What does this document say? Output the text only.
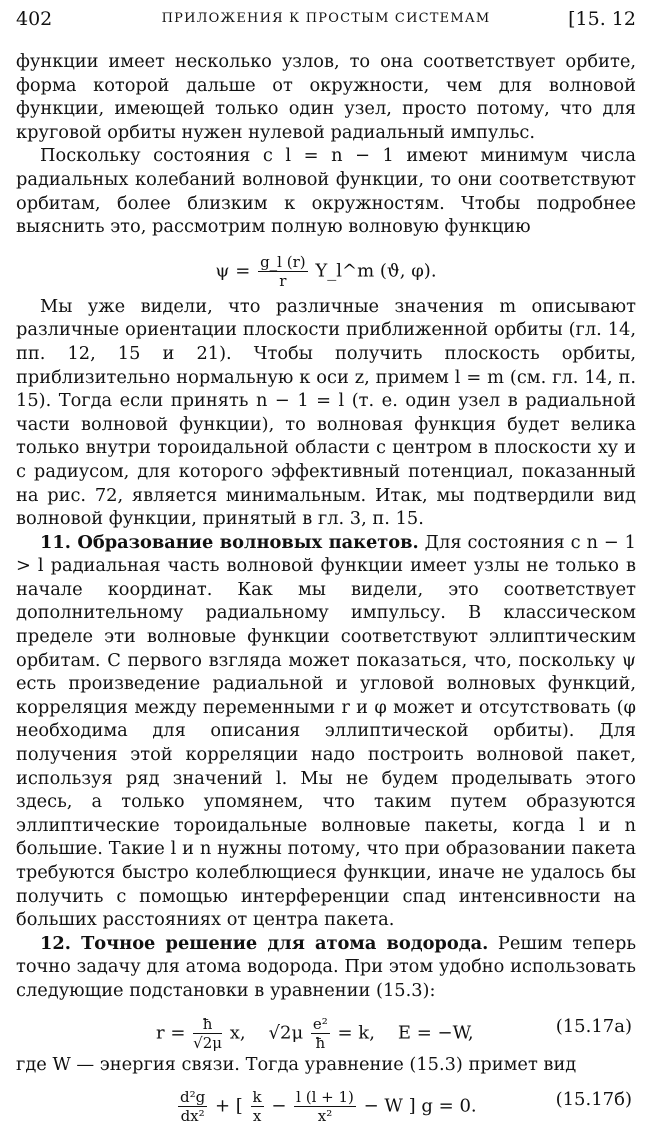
402	ПРИЛОЖЕНИЯ К ПРОСТЫМ СИСТЕМАМ	[15. 12

функции имеет несколько узлов, то она соответствует орбите, форма которой дальше от окружности, чем для волновой функции, имеющей только один узел, просто потому, что для круговой орбиты нужен нулевой радиальный импульс.

Поскольку состояния с l = n − 1 имеют минимум числа радиальных колебаний волновой функции, то они соответствуют орбитам, более близким к окружностям. Чтобы подробнее выяснить это, рассмотрим полную волновую функцию

$\psi = \frac{g\_l (r)}{r}$ Y_l^m (ϑ, φ).

Мы уже видели, что различные значения m описывают различные ориентации плоскости приближенной орбиты (гл. 14, пп. 12, 15 и 21). Чтобы получить плоскость орбиты, приблизительно нормальную к оси z, примем l = m (см. гл. 14, п. 15). Тогда если принять n − 1 = l (т. е. один узел в радиальной части волновой функции), то волновая функция будет велика только внутри тороидальной области с центром в плоскости xy и с радиусом, для которого эффективный потенциал, показанный на рис. 72, является минимальным. Итак, мы подтвердили вид волновой функции, принятый в гл. 3, п. 15.

11. Образование волновых пакетов. Для состояния с n − 1 > l радиальная часть волновой функции имеет узлы не только в начале координат. Как мы видели, это соответствует дополнительному радиальному импульсу. В классическом пределе эти волновые функции соответствуют эллиптическим орбитам. С первого взгляда может показаться, что, поскольку ψ есть произведение радиальной и угловой волновых функций, корреляция между переменными r и φ может и отсутствовать (φ необходима для описания эллиптической орбиты). Для получения этой корреляции надо построить волновой пакет, используя ряд значений l. Мы не будем проделывать этого здесь, а только упомянем, что таким путем образуются эллиптические тороидальные волновые пакеты, когда l и n большие. Такие l и n нужны потому, что при образовании пакета требуются быстро колеблющиеся функции, иначе не удалось бы получить с помощью интерференции спад интенсивности на больших расстояниях от центра пакета.

12. Точное решение для атома водорода. Решим теперь точно задачу для атома водорода. При этом удобно использовать следующие подстановки в уравнении (15.3):

$r = \frac{ħ}{√2\mu} x$, $√2\mu \frac{\text{e²}}{ħ} = k$, E = −W,	(15.17а)

где W — энергия связи. Тогда уравнение (15.3) примет вид

$\frac{\text{d²g}}{\text{dx²}}$ + [ $\frac{k}{x} - \frac{l (l + 1)}{\text{x²}} - W$ ] g = 0.	(15.17б)
